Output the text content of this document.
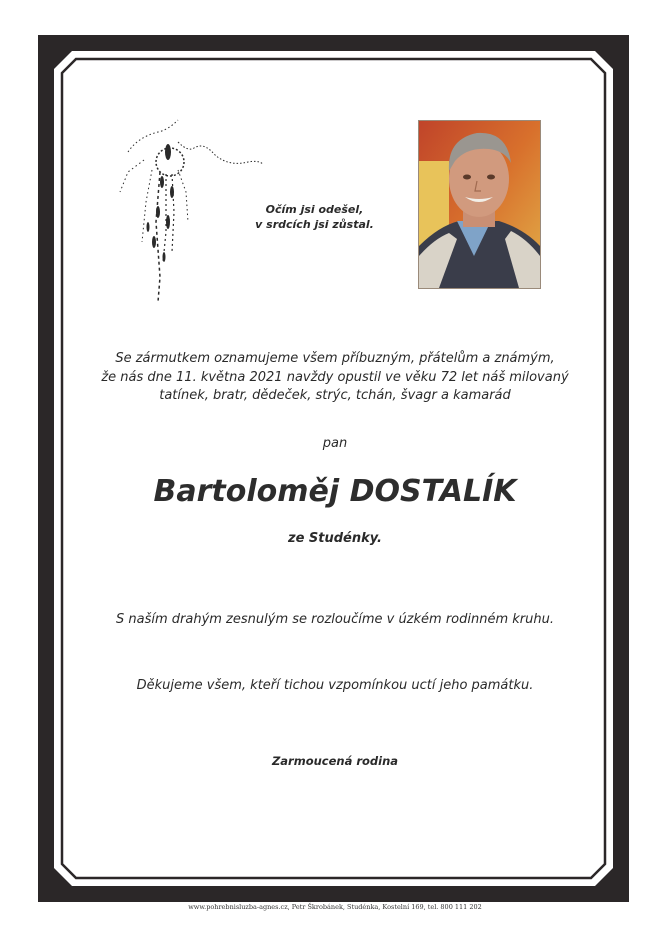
Očím jsi odešel,
v srdcích jsi zůstal.
Se zármutkem oznamujeme všem příbuzným, přátelům a známým,
že nás dne 11. května 2021 navždy opustil ve věku 72 let náš milovaný
tatínek, bratr, dědeček, strýc, tchán, švagr a kamarád
pan
Bartoloměj DOSTALÍK
ze Studénky.
S naším drahým zesnulým se rozloučíme v úzkém rodinném kruhu.
Děkujeme všem, kteří tichou vzpomínkou uctí jeho památku.
Zarmoucená rodina
www.pohrebnisluzba-agnes.cz, Petr Škrobánek, Studénka, Kostelní 169, tel. 800 111 202
